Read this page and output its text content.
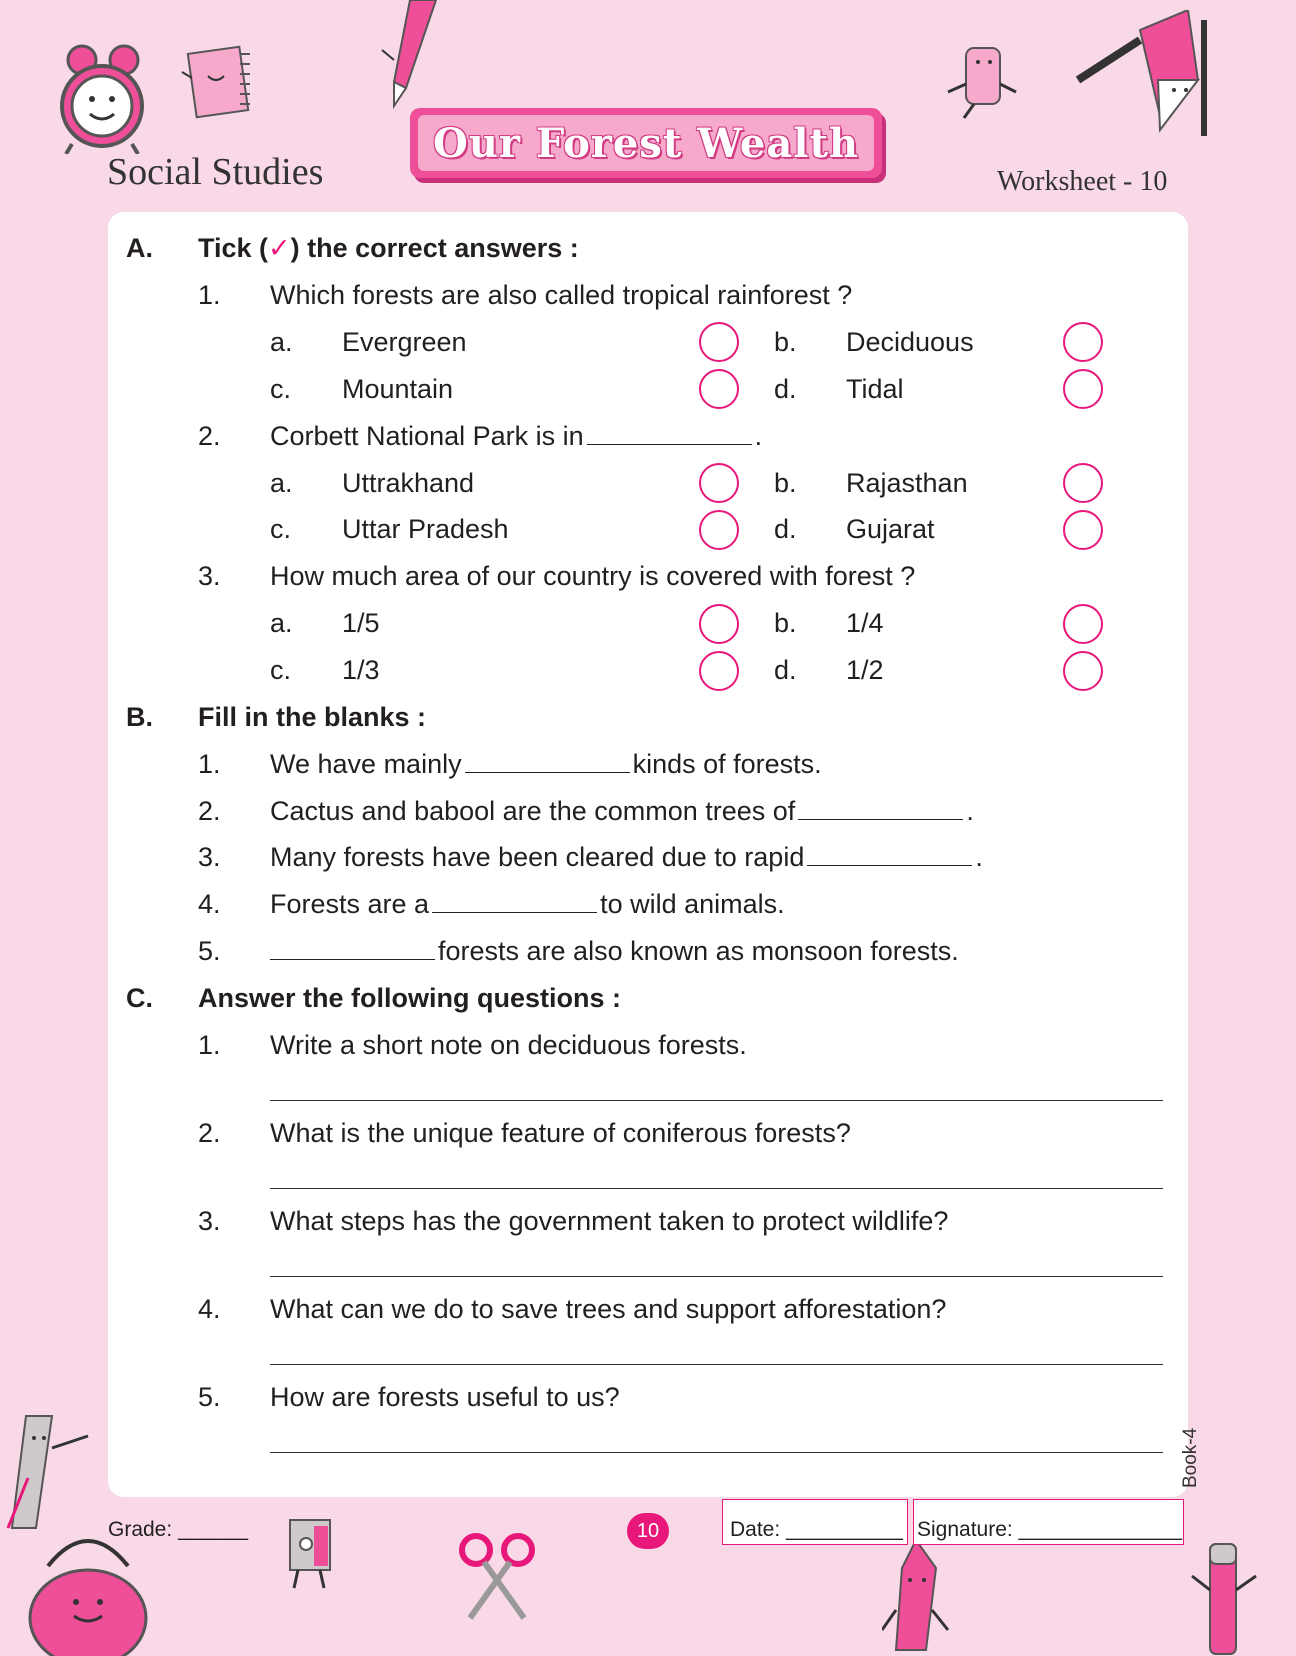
Social Studies
Our Forest Wealth
Worksheet - 10
A. Tick (✓) the correct answers :
1. Which forests are also called tropical rainforest ?
a. Evergreen	b. Deciduous
c. Mountain	d. Tidal
2. Corbett National Park is in	.
a. Uttrakhand	b. Rajasthan
c. Uttar Pradesh	d. Gujarat
3. How much area of our country is covered with forest ?
a. 1/5	b. 1/4
c. 1/3	d. 1/2
B. Fill in the blanks :
1. We have mainly	kinds of forests.
2. Cactus and babool are the common trees of	.
3. Many forests have been cleared due to rapid	.
4. Forests are a	to wild animals.
5.	forests are also known as monsoon forests.
C. Answer the following questions :
1. Write a short note on deciduous forests.
2. What is the unique feature of coniferous forests?
3. What steps has the government taken to protect wildlife?
4. What can we do to save trees and support afforestation?
5. How are forests useful to us?
Book-4
Grade: ______	10	Date: __________ Signature: ______________
